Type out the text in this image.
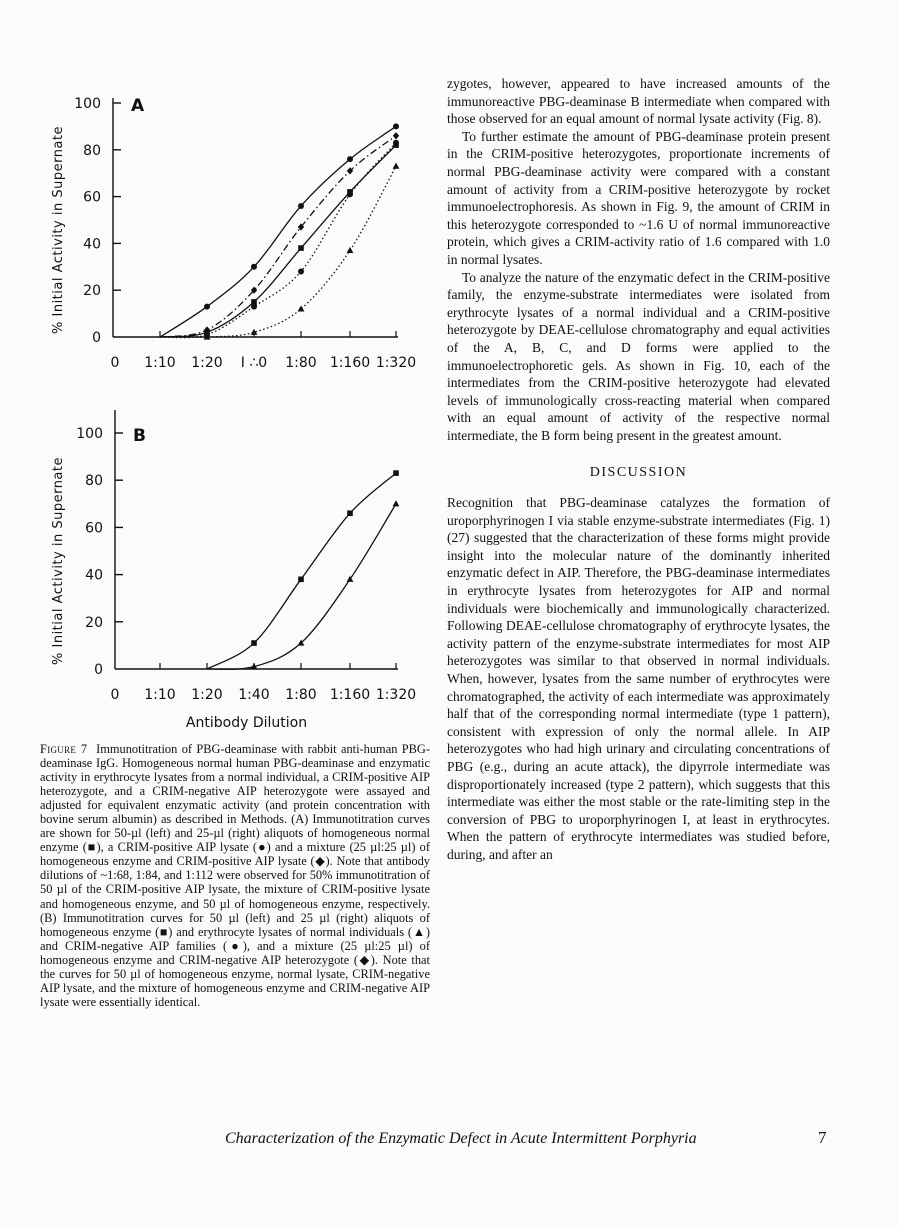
0
20
40
60
80
100
0 1:10 1:20 I ∴0 1:80 1:160 1:320
% Initial Activity in Supernate
A
0
20
40
60
80
100
0 1:10 1:20 1:40 1:80 1:160 1:320
% Initial Activity in Supernate
B
Antibody Dilution

Figure 7 Immunotitration of PBG-deaminase with rabbit anti-human PBG-deaminase IgG. Homogeneous normal human PBG-deaminase and enzymatic activity in erythrocyte lysates from a normal individual, a CRIM-positive AIP heterozygote, and a CRIM-negative AIP heterozygote were assayed and adjusted for equivalent enzymatic activity (and protein concentration with bovine serum albumin) as described in Methods. (A) Immunotitration curves are shown for 50-µl (left) and 25-µl (right) aliquots of homogeneous normal enzyme (■), a CRIM-positive AIP lysate (●) and a mixture (25 µl:25 µl) of homogeneous enzyme and CRIM-positive AIP lysate (◆). Note that antibody dilutions of ~1:68, 1:84, and 1:112 were observed for 50% immunotitration of 50 µl of the CRIM-positive AIP lysate, the mixture of CRIM-positive lysate and homogeneous enzyme, and 50 µl of homogeneous enzyme, respectively. (B) Immunotitration curves for 50 µl (left) and 25 µl (right) aliquots of homogeneous enzyme (■) and erythrocyte lysates of normal individuals (▲) and CRIM-negative AIP families (●), and a mixture (25 µl:25 µl) of homogeneous enzyme and CRIM-negative AIP heterozygote (◆). Note that the curves for 50 µl of homogeneous enzyme, normal lysate, CRIM-negative AIP lysate, and the mixture of homogeneous enzyme and CRIM-negative AIP lysate were essentially identical.

zygotes, however, appeared to have increased amounts of the immunoreactive PBG-deaminase B intermediate when compared with those observed for an equal amount of normal lysate activity (Fig. 8).

To further estimate the amount of PBG-deaminase protein present in the CRIM-positive heterozygotes, proportionate increments of normal PBG-deaminase activity were compared with a constant amount of activity from a CRIM-positive heterozygote by rocket immunoelectrophoresis. As shown in Fig. 9, the amount of CRIM in this heterozygote corresponded to ~1.6 U of normal immunoreactive protein, which gives a CRIM-activity ratio of 1.6 compared with 1.0 in normal lysates.

To analyze the nature of the enzymatic defect in the CRIM-positive family, the enzyme-substrate intermediates were isolated from erythrocyte lysates of a normal individual and a CRIM-positive heterozygote by DEAE-cellulose chromatography and equal activities of the A, B, C, and D forms were applied to the immunoelectrophoretic gels. As shown in Fig. 10, each of the intermediates from the CRIM-positive heterozygote had elevated levels of immunologically cross-reacting material when compared with an equal amount of activity of the respective normal intermediate, the B form being present in the greatest amount.

DISCUSSION

Recognition that PBG-deaminase catalyzes the formation of uroporphyrinogen I via stable enzyme-substrate intermediates (Fig. 1) (27) suggested that the characterization of these forms might provide insight into the molecular nature of the dominantly inherited enzymatic defect in AIP. Therefore, the PBG-deaminase intermediates in erythrocyte lysates from heterozygotes for AIP and normal individuals were biochemically and immunologically characterized. Following DEAE-cellulose chromatography of erythrocyte lysates, the activity pattern of the enzyme-substrate intermediates for most AIP heterozygotes was similar to that observed in normal individuals. When, however, lysates from the same number of erythrocytes were chromatographed, the activity of each intermediate was approximately half that of the corresponding normal intermediate (type 1 pattern), consistent with expression of only the normal allele. In AIP heterozygotes who had high urinary and circulating concentrations of PBG (e.g., during an acute attack), the dipyrrole intermediate was disproportionately increased (type 2 pattern), which suggests that this intermediate was either the most stable or the rate-limiting step in the conversion of PBG to uroporphyrinogen I, at least in erythrocytes. When the pattern of erythrocyte intermediates was studied before, during, and after an

Characterization of the Enzymatic Defect in Acute Intermittent Porphyria	7
